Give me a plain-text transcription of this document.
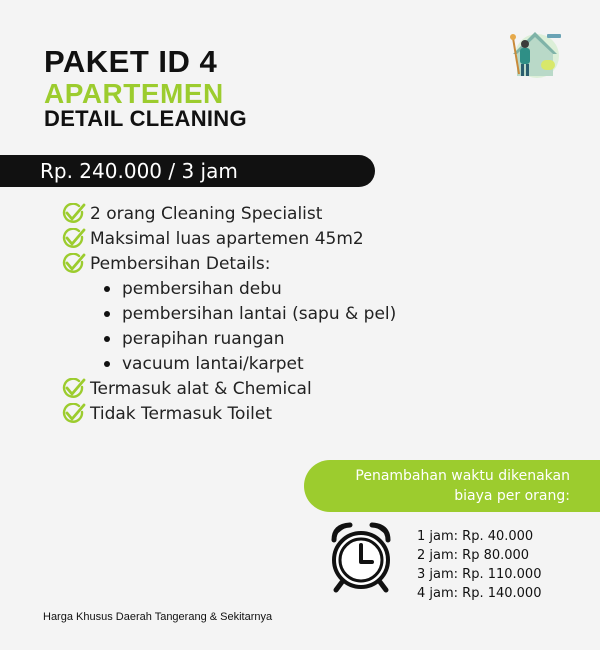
PAKET ID 4
APARTEMEN
DETAIL CLEANING
Rp. 240.000 / 3 jam
2 orang Cleaning Specialist
Maksimal luas apartemen 45m2
Pembersihan Details:
pembersihan debu
pembersihan lantai (sapu & pel)
perapihan ruangan
vacuum lantai/karpet
Termasuk alat & Chemical
Tidak Termasuk Toilet
Penambahan waktu dikenakan
biaya per orang:
1 jam: Rp. 40.000
2 jam: Rp 80.000
3 jam: Rp. 110.000
4 jam: Rp. 140.000
Harga Khusus Daerah Tangerang & Sekitarnya
